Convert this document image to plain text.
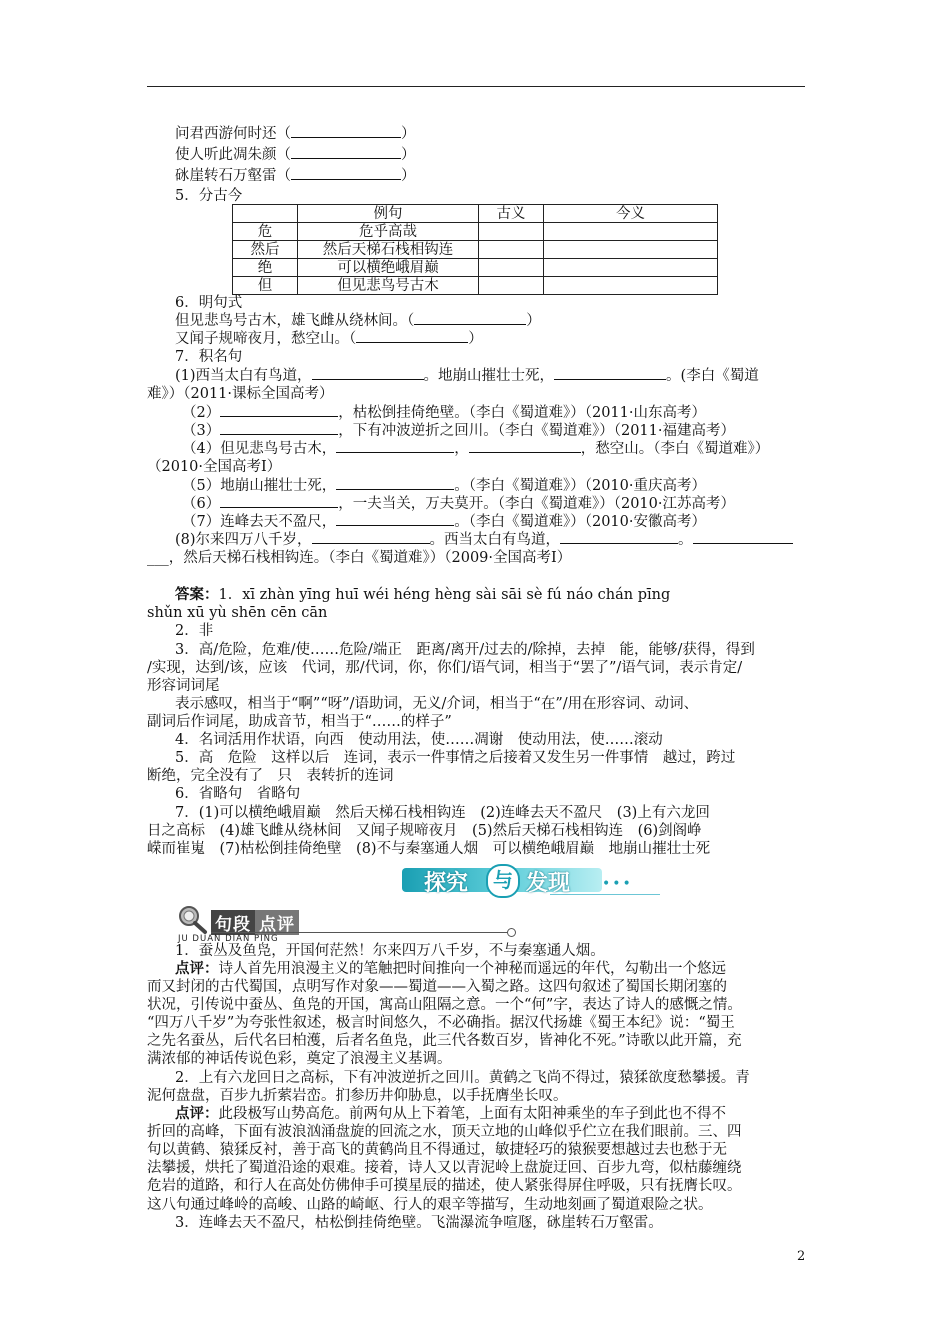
问君西游何时还（	）
使人听此凋朱颜（	）
砯崖转石万壑雷（	）
5．分古今
	例句	古义	今义
危	危乎高哉		
然后	然后天梯石栈相钩连		
绝	可以横绝峨眉巅		
但	但见悲鸟号古木		
6．明句式
但见悲鸟号古木，雄飞雌从绕林间。（	）
又闻子规啼夜月，愁空山。（	）
7．积名句
(1)西当太白有鸟道，	。地崩山摧壮士死，	。(李白《蜀道
难》）（2011·课标全国高考）
（2）	，枯松倒挂倚绝壁。（李白《蜀道难》）（2011·山东高考）
（3）	，下有冲波逆折之回川。（李白《蜀道难》）（2011·福建高考）
（4）但见悲鸟号古木，	，	，愁空山。（李白《蜀道难》）
（2010·全国高考Ⅰ）
（5）地崩山摧壮士死，	。（李白《蜀道难》）（2010·重庆高考）
（6）	，一夫当关，万夫莫开。（李白《蜀道难》）（2010·江苏高考）
（7）连峰去天不盈尺，	。（李白《蜀道难》）（2010·安徽高考）
(8)尔来四万八千岁，	。西当太白有鸟道，	。
___，然后天梯石栈相钩连。（李白《蜀道难》）（2009·全国高考Ⅰ）
答案：1．xī zhàn yīng huī wéi héng hèng sài sāi sè fú náo chán pīng
shǔn xū yù shēn cēn cān
2．非
3．高/危险，危难/使……危险/端正　距离/离开/过去的/除掉，去掉　能，能够/获得，得到
/实现，达到/该，应该　代词，那/代词，你，你们/语气词，相当于“罢了”/语气词，表示肯定/
形容词词尾
表示感叹，相当于“啊”“呀”/语助词，无义/介词，相当于“在”/用在形容词、动词、
副词后作词尾，助成音节，相当于“……的样子”
4．名词活用作状语，向西　使动用法，使……凋谢　使动用法，使……滚动
5．高　危险　这样以后　连词，表示一件事情之后接着又发生另一件事情　越过，跨过
断绝，完全没有了　只　表转折的连词
6．省略句　省略句
7．(1)可以横绝峨眉巅　然后天梯石栈相钩连　(2)连峰去天不盈尺　(3)上有六龙回
日之高标　(4)雄飞雌从绕林间　又闻子规啼夜月　(5)然后天梯石栈相钩连　(6)剑阁峥
嵘而崔嵬　(7)枯松倒挂倚绝壁　(8)不与秦塞通人烟　可以横绝峨眉巅　地崩山摧壮士死
探究	与 发现 •••
句段 点评
JU DUAN DIAN PING
1．蚕丛及鱼凫，开国何茫然！尔来四万八千岁，不与秦塞通人烟。
点评：诗人首先用浪漫主义的笔触把时间推向一个神秘而遥远的年代，勾勒出一个悠远
而又封闭的古代蜀国，点明写作对象——蜀道——入蜀之路。这四句叙述了蜀国长期闭塞的
状况，引传说中蚕丛、鱼凫的开国，寓高山阻隔之意。一个“何”字，表达了诗人的感慨之情。
“四万八千岁”为夸张性叙述，极言时间悠久，不必确指。据汉代扬雄《蜀王本纪》说：“蜀王
之先名蚕丛，后代名曰柏濩，后者名鱼凫，此三代各数百岁，皆神化不死。”诗歌以此开篇，充
满浓郁的神话传说色彩，奠定了浪漫主义基调。
2．上有六龙回日之高标，下有冲波逆折之回川。黄鹤之飞尚不得过，猿猱欲度愁攀援。青
泥何盘盘，百步九折萦岩峦。扪参历井仰胁息，以手抚膺坐长叹。
点评：此段极写山势高危。前两句从上下着笔，上面有太阳神乘坐的车子到此也不得不
折回的高峰，下面有波浪汹涌盘旋的回流之水，顶天立地的山峰似乎伫立在我们眼前。三、四
句以黄鹤、猿猱反衬，善于高飞的黄鹤尚且不得通过，敏捷轻巧的猿猴要想越过去也愁于无
法攀援，烘托了蜀道沿途的艰难。接着，诗人又以青泥岭上盘旋迂回、百步九弯，似枯藤缠绕
危岩的道路，和行人在高处仿佛伸手可摸星辰的描述，使人紧张得屏住呼吸，只有抚膺长叹。
这八句通过峰岭的高峻、山路的崎岖、行人的艰辛等描写，生动地刻画了蜀道艰险之状。
3．连峰去天不盈尺，枯松倒挂倚绝壁。飞湍瀑流争喧豗，砯崖转石万壑雷。
2
